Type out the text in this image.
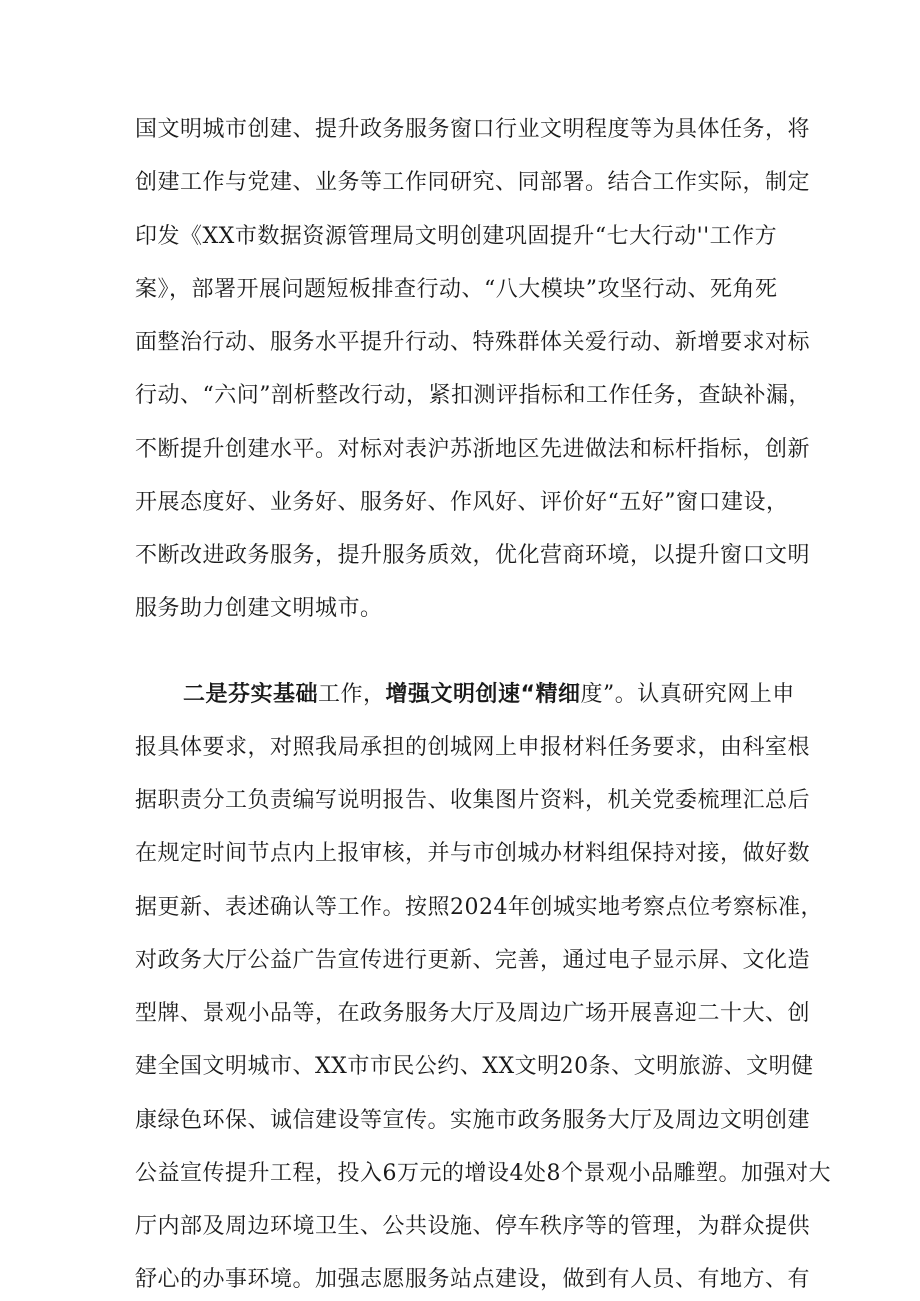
国文明城市创建、提升政务服务窗口行业文明程度等为具体任务，将
创建工作与党建、业务等工作同研究、同部署。结合工作实际，制定
印发《XX市数据资源管理局文明创建巩固提升“七大行动''工作方
案》，部署开展问题短板排查行动、“八大模块”攻坚行动、死角死
面整治行动、服务水平提升行动、特殊群体关爱行动、新增要求对标
行动、“六问”剖析整改行动，紧扣测评指标和工作任务，查缺补漏，
不断提升创建水平。对标对表沪苏浙地区先进做法和标杆指标，创新
开展态度好、业务好、服务好、作风好、评价好“五好”窗口建设，
不断改进政务服务，提升服务质效，优化营商环境，以提升窗口文明
服务助力创建文明城市。
二是芬实基础工作，增强文明创速“精细度”。 认真研究网上申
报具体要求，对照我局承担的创城网上申报材料任务要求，由科室根
据职责分工负责编写说明报告、收集图片资料，机关党委梳理汇总后
在规定时间节点内上报审核，并与市创城办材料组保持对接，做好数
据更新、表述确认等工作。按照2024年创城实地考察点位考察标准，
对政务大厅公益广告宣传进行更新、完善，通过电子显示屏、文化造
型牌、景观小品等，在政务服务大厅及周边广场开展喜迎二十大、创
建全国文明城市、XX市市民公约、XX文明20条、文明旅游、文明健
康绿色环保、诚信建设等宣传。实施市政务服务大厅及周边文明创建
公益宣传提升工程，投入6万元的增设4处8个景观小品雕塑。加强对大
厅内部及周边环境卫生、公共设施、停车秩序等的管理，为群众提供
舒心的办事环境。加强志愿服务站点建设，做到有人员、有地方、有
